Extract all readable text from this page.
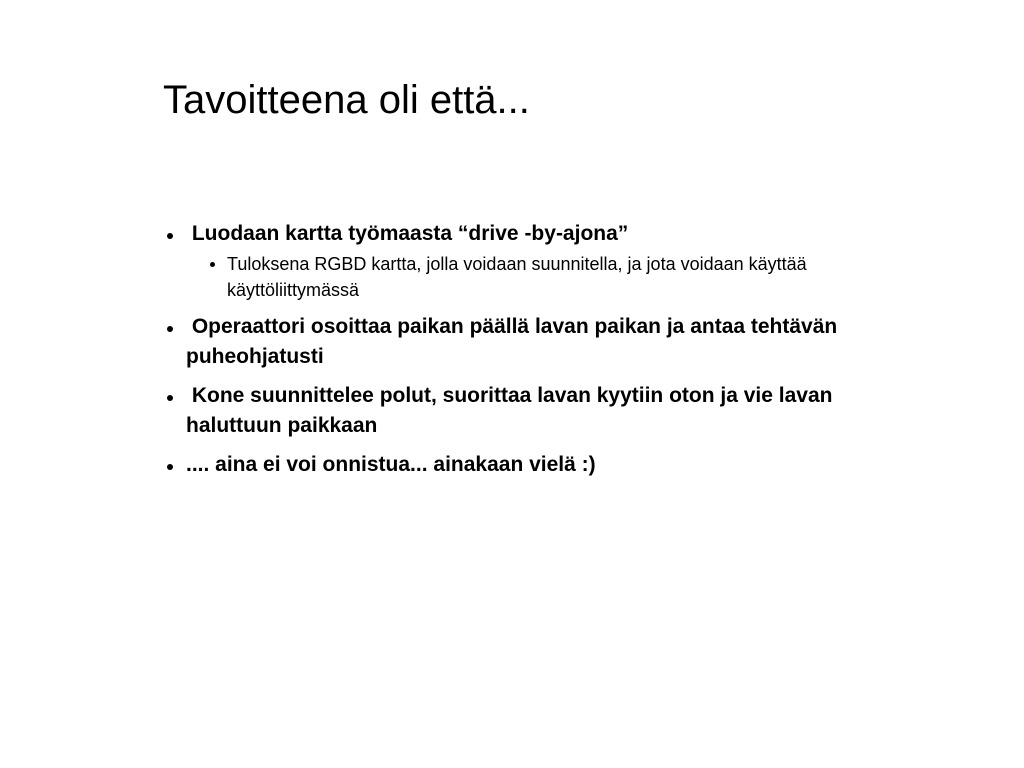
Tavoitteena oli että...
Luodaan kartta työmaasta “drive -by-ajona”
Tuloksena RGBD kartta, jolla voidaan suunnitella, ja jota voidaan käyttää käyttöliittymässä
Operaattori osoittaa paikan päällä lavan paikan ja antaa tehtävän puheohjatusti
Kone suunnittelee polut, suorittaa lavan kyytiin oton ja vie lavan haluttuun paikkaan
.... aina ei voi onnistua... ainakaan vielä :)
